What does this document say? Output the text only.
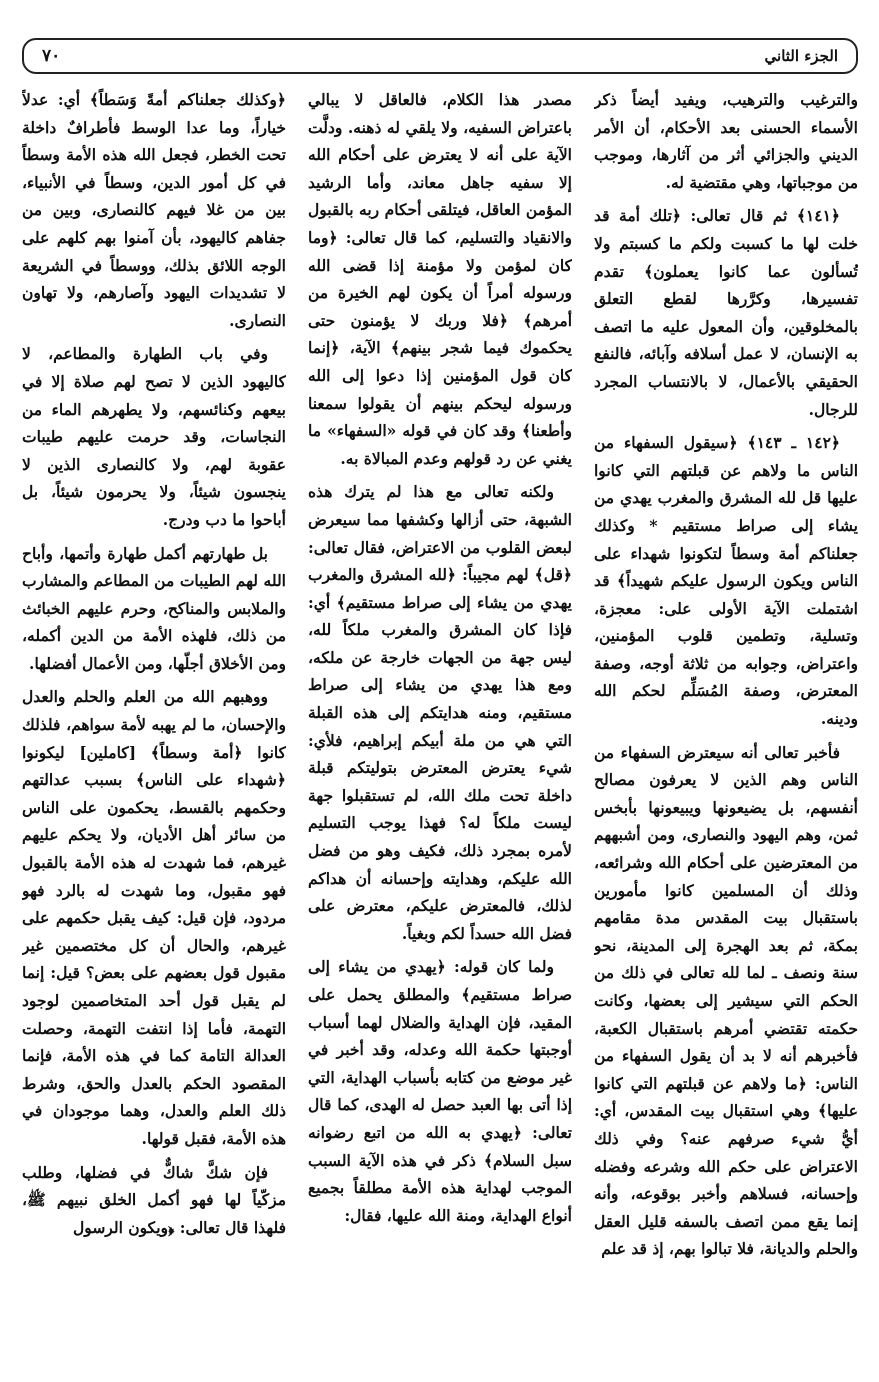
٧٠	الجزء الثاني

والترغيب والترهيب، ويفيد أيضاً ذكر الأسماء الحسنى بعد الأحكام، أن الأمر الديني والجزائي أثر من آثارها، وموجب من موجباتها، وهي مقتضية له.

﴿١٤١﴾ ثم قال تعالى: ﴿تلك أمة قد خلت لها ما كسبت ولكم ما كسبتم ولا تُسألون عما كانوا يعملون﴾ تقدم تفسيرها، وكرَّرها لقطع التعلق بالمخلوقين، وأن المعول عليه ما اتصف به الإنسان، لا عمل أسلافه وآبائه، فالنفع الحقيقي بالأعمال، لا بالانتساب المجرد للرجال.

﴿١٤٢ ـ ١٤٣﴾ ﴿سيقول السفهاء من الناس ما ولاهم عن قبلتهم التي كانوا عليها قل لله المشرق والمغرب يهدي من يشاء إلى صراط مستقيم * وكذلك جعلناكم أمة وسطاً لتكونوا شهداء على الناس ويكون الرسول عليكم شهيداً﴾ قد اشتملت الآية الأولى على: معجزة، وتسلية، وتطمين قلوب المؤمنين، واعتراض، وجوابه من ثلاثة أوجه، وصفة المعترض، وصفة المُسَلِّم لحكم الله ودينه.

فأخبر تعالى أنه سيعترض السفهاء من الناس وهم الذين لا يعرفون مصالح أنفسهم، بل يضيعونها ويبيعونها بأبخس ثمن، وهم اليهود والنصارى، ومن أشبههم من المعترضين على أحكام الله وشرائعه، وذلك أن المسلمين كانوا مأمورين باستقبال بيت المقدس مدة مقامهم بمكة، ثم بعد الهجرة إلى المدينة، نحو سنة ونصف ـ لما لله تعالى في ذلك من الحكم التي سيشير إلى بعضها، وكانت حكمته تقتضي أمرهم باستقبال الكعبة، فأخبرهم أنه لا بد أن يقول السفهاء من الناس: ﴿ما ولاهم عن قبلتهم التي كانوا عليها﴾ وهي استقبال بيت المقدس، أي: أيُّ شيء صرفهم عنه؟ وفي ذلك الاعتراض على حكم الله وشرعه وفضله وإحسانه، فسلاهم وأخبر بوقوعه، وأنه إنما يقع ممن اتصف بالسفه قليل العقل والحلم والديانة، فلا تبالوا بهم، إذ قد علم

مصدر هذا الكلام، فالعاقل لا يبالي باعتراض السفيه، ولا يلقي له ذهنه. ودلَّت الآية على أنه لا يعترض على أحكام الله إلا سفيه جاهل معاند، وأما الرشيد المؤمن العاقل، فيتلقى أحكام ربه بالقبول والانقياد والتسليم، كما قال تعالى: ﴿وما كان لمؤمن ولا مؤمنة إذا قضى الله ورسوله أمراً أن يكون لهم الخيرة من أمرهم﴾ ﴿فلا وربك لا يؤمنون حتى يحكموك فيما شجر بينهم﴾ الآية، ﴿إنما كان قول المؤمنين إذا دعوا إلى الله ورسوله ليحكم بينهم أن يقولوا سمعنا وأطعنا﴾ وقد كان في قوله «السفهاء» ما يغني عن رد قولهم وعدم المبالاة به.

ولكنه تعالى مع هذا لم يترك هذه الشبهة، حتى أزالها وكشفها مما سيعرض لبعض القلوب من الاعتراض، فقال تعالى: ﴿قل﴾ لهم مجيباً: ﴿لله المشرق والمغرب يهدي من يشاء إلى صراط مستقيم﴾ أي: فإذا كان المشرق والمغرب ملكاً لله، ليس جهة من الجهات خارجة عن ملكه، ومع هذا يهدي من يشاء إلى صراط مستقيم، ومنه هدايتكم إلى هذه القبلة التي هي من ملة أبيكم إبراهيم، فلأي: شيء يعترض المعترض بتوليتكم قبلة داخلة تحت ملك الله، لم تستقبلوا جهة ليست ملكاً له؟ فهذا يوجب التسليم لأمره بمجرد ذلك، فكيف وهو من فضل الله عليكم، وهدايته وإحسانه أن هداكم لذلك، فالمعترض عليكم، معترض على فضل الله حسداً لكم وبغياً.

ولما كان قوله: ﴿يهدي من يشاء إلى صراط مستقيم﴾ والمطلق يحمل على المقيد، فإن الهداية والضلال لهما أسباب أوجبتها حكمة الله وعدله، وقد أخبر في غير موضع من كتابه بأسباب الهداية، التي إذا أتى بها العبد حصل له الهدى، كما قال تعالى: ﴿يهدي به الله من اتبع رضوانه سبل السلام﴾ ذكر في هذه الآية السبب الموجب لهداية هذه الأمة مطلقاً بجميع أنواع الهداية، ومنة الله عليها، فقال:

﴿وكذلك جعلناكم أمةً وَسَطاً﴾ أي: عدلاً خياراً، وما عدا الوسط فأطرافٌ داخلة تحت الخطر، فجعل الله هذه الأمة وسطاً في كل أمور الدين، وسطاً في الأنبياء، بين من غلا فيهم كالنصارى، وبين من جفاهم كاليهود، بأن آمنوا بهم كلهم على الوجه اللائق بذلك، ووسطاً في الشريعة لا تشديدات اليهود وآصارهم، ولا تهاون النصارى.

وفي باب الطهارة والمطاعم، لا كاليهود الذين لا تصح لهم صلاة إلا في بيعهم وكنائسهم، ولا يطهرهم الماء من النجاسات، وقد حرمت عليهم طيبات عقوبة لهم، ولا كالنصارى الذين لا ينجسون شيئاً، ولا يحرمون شيئاً، بل أباحوا ما دب ودرج.

بل طهارتهم أكمل طهارة وأتمها، وأباح الله لهم الطيبات من المطاعم والمشارب والملابس والمناكح، وحرم عليهم الخبائث من ذلك، فلهذه الأمة من الدين أكمله، ومن الأخلاق أجلّها، ومن الأعمال أفضلها.

ووهبهم الله من العلم والحلم والعدل والإحسان، ما لم يهبه لأمة سواهم، فلذلك كانوا ﴿أمة وسطاً﴾ [كاملين] ليكونوا ﴿شهداء على الناس﴾ بسبب عدالتهم وحكمهم بالقسط، يحكمون على الناس من سائر أهل الأديان، ولا يحكم عليهم غيرهم، فما شهدت له هذه الأمة بالقبول فهو مقبول، وما شهدت له بالرد فهو مردود، فإن قيل: كيف يقبل حكمهم على غيرهم، والحال أن كل مختصمين غير مقبول قول بعضهم على بعض؟ قيل: إنما لم يقبل قول أحد المتخاصمين لوجود التهمة، فأما إذا انتفت التهمة، وحصلت العدالة التامة كما في هذه الأمة، فإنما المقصود الحكم بالعدل والحق، وشرط ذلك العلم والعدل، وهما موجودان في هذه الأمة، فقبل قولها.

فإن شكَّ شاكٌّ في فضلها، وطلب مزكّياً لها فهو أكمل الخلق نبيهم ﷺ، فلهذا قال تعالى: ﴿ويكون الرسول
